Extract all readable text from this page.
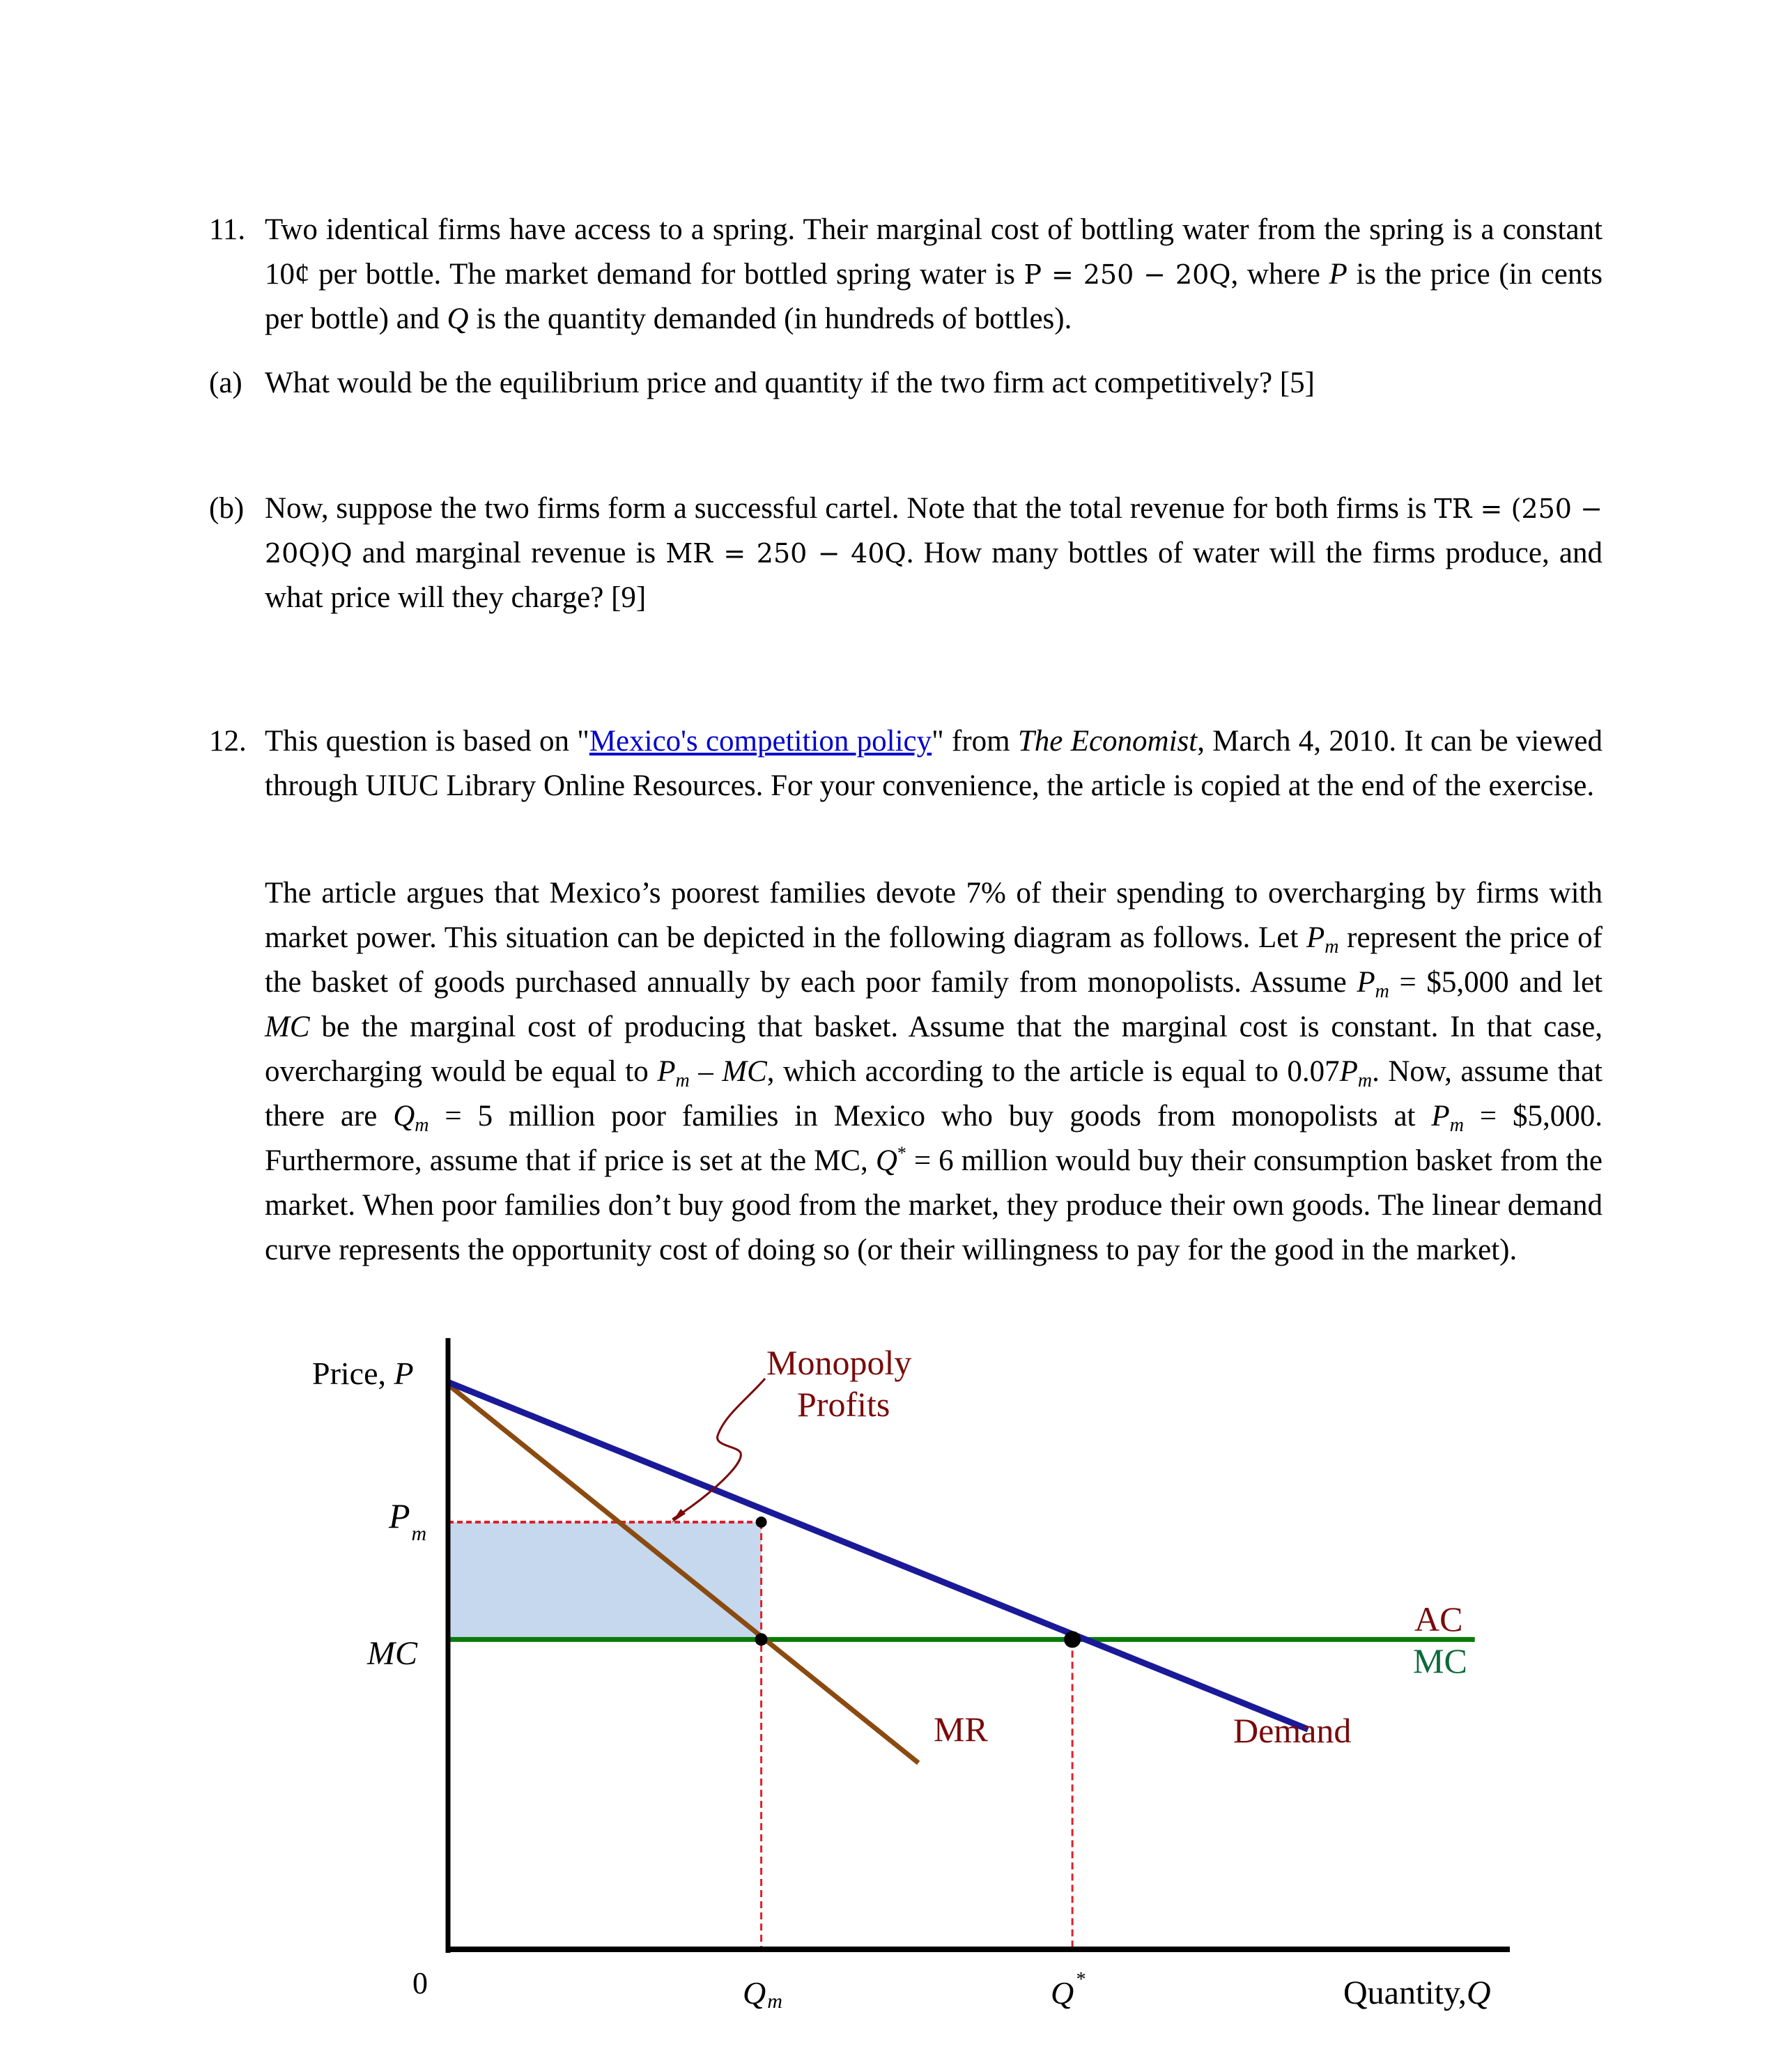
11. Two identical firms have access to a spring. Their marginal cost of bottling water from the spring is a constant 10¢ per bottle. The market demand for bottled spring water is P = 250 − 20Q, where P is the price (in cents per bottle) and Q is the quantity demanded (in hundreds of bottles).
(a) What would be the equilibrium price and quantity if the two firm act competitively? [5]
(b) Now, suppose the two firms form a successful cartel. Note that the total revenue for both firms is TR = (250 − 20Q)Q and marginal revenue is MR = 250 − 40Q. How many bottles of water will the firms produce, and what price will they charge? [9]
12. This question is based on "Mexico's competition policy" from The Economist, March 4, 2010. It can be viewed through UIUC Library Online Resources. For your convenience, the article is copied at the end of the exercise.
The article argues that Mexico’s poorest families devote 7% of their spending to overcharging by firms with market power. This situation can be depicted in the following diagram as follows. Let $P_m$ represent the price of the basket of goods purchased annually by each poor family from monopolists. Assume $P_m$ = $5,000 and let MC be the marginal cost of producing that basket. Assume that the marginal cost is constant. In that case, overcharging would be equal to $P_m$ – MC, which according to the article is equal to $0.07P_m$. Now, assume that there are $Q_m = 5$ million poor families in Mexico who buy goods from monopolists at $P_m$ = $5,000. Furthermore, assume that if price is set at the MC, Q* = 6 million would buy their consumption basket from the market. When poor families don’t buy good from the market, they produce their own goods. The linear demand curve represents the opportunity cost of doing so (or their willingness to pay for the good in the market).
Price, P
$P_m$
MC
0	Qm	Q*	Quantity,Q
Monopoly
Profits
AC
MC
MR	Demand
